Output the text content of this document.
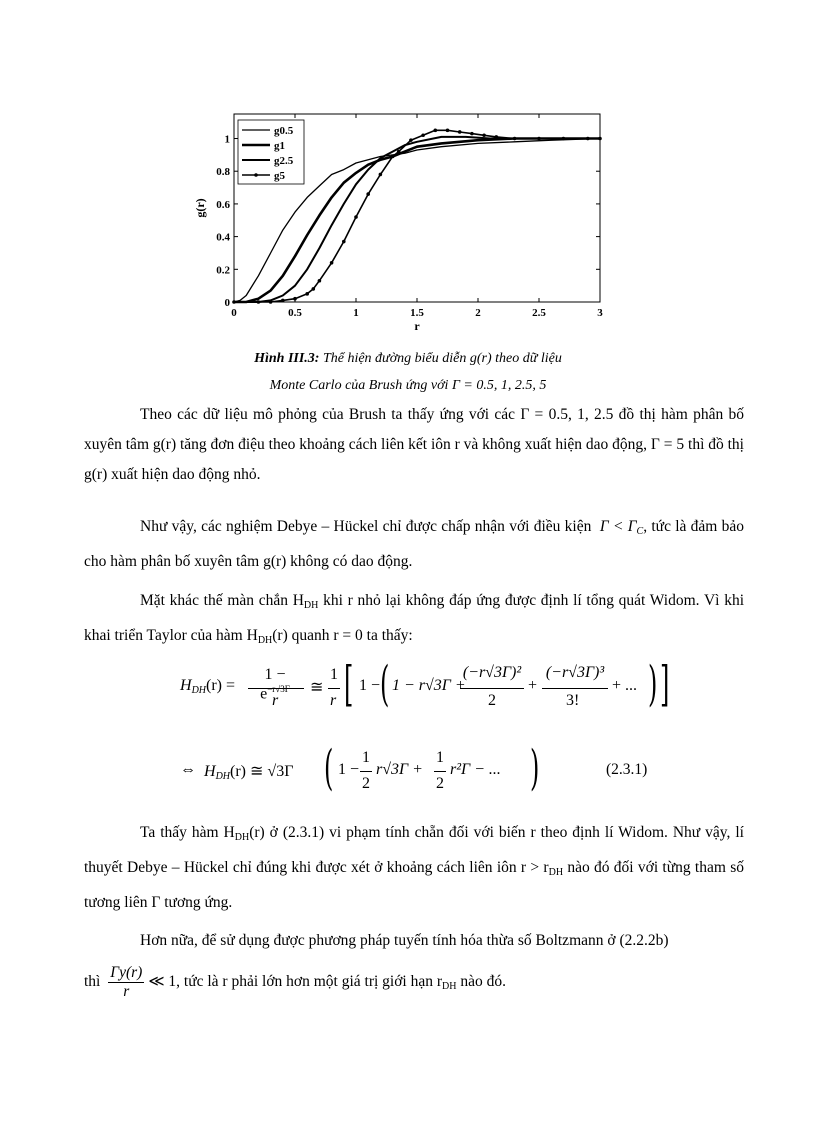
0	0.5	1	1.5	2	2.5	3
0
0.2
0.4
0.6
0.8
1
r
g(r)
g0.5
g1
g2.5
g5
Hình III.3: Thể hiện đường biểu diễn g(r) theo dữ liệu
Monte Carlo của Brush ứng với Γ = 0.5, 1, 2.5, 5
Theo các dữ liệu mô phỏng của Brush ta thấy ứng với các Γ = 0.5, 1, 2.5 đồ thị hàm phân bố xuyên tâm g(r) tăng đơn điệu theo khoảng cách liên kết iôn r và không xuất hiện dao động, Γ = 5 thì đồ thị g(r) xuất hiện dao động nhỏ.
Như vậy, các nghiệm Debye – Hückel chỉ được chấp nhận với điều kiện $\Gamma < \Gamma_C$, tức là đảm bảo cho hàm phân bố xuyên tâm g(r) không có dao động.
Mặt khác thế màn chắn $H_{DH}$ khi r nhỏ lại không đáp ứng được định lí tổng quát Widom. Vì khi khai triển Taylor của hàm $H_{DH}(r)$ quanh r = 0 ta thấy:
$H_{DH}(r)$ =
$1 - e^{-r√3\Gamma}$
r
≅
1
r [ 1 − ( 1 − r√3Γ +
(−r√3Γ)²
2
+
(−r√3Γ)³
3!
+ ... ) ]
⇔ $H_{DH}(r)$ ≅ √3Γ ( 1 −
1
2
r√3Γ +
1
2
r²Γ − ... )	(2.3.1)
Ta thấy hàm $H_{DH}(r)$ ở (2.3.1) vi phạm tính chẵn đối với biến r theo định lí Widom. Như vậy, lí thuyết Debye – Hückel chỉ đúng khi được xét ở khoảng cách liên iôn $r > r_{DH}$ nào đó đối với từng tham số tương liên Γ tương ứng.
Hơn nữa, để sử dụng được phương pháp tuyến tính hóa thừa số Boltzmann ở (2.2.2b)
thì $\frac{\Gamma y(r)}{r}$ ≪ 1, tức là r phải lớn hơn một giá trị giới hạn $r_{DH}$ nào đó.
